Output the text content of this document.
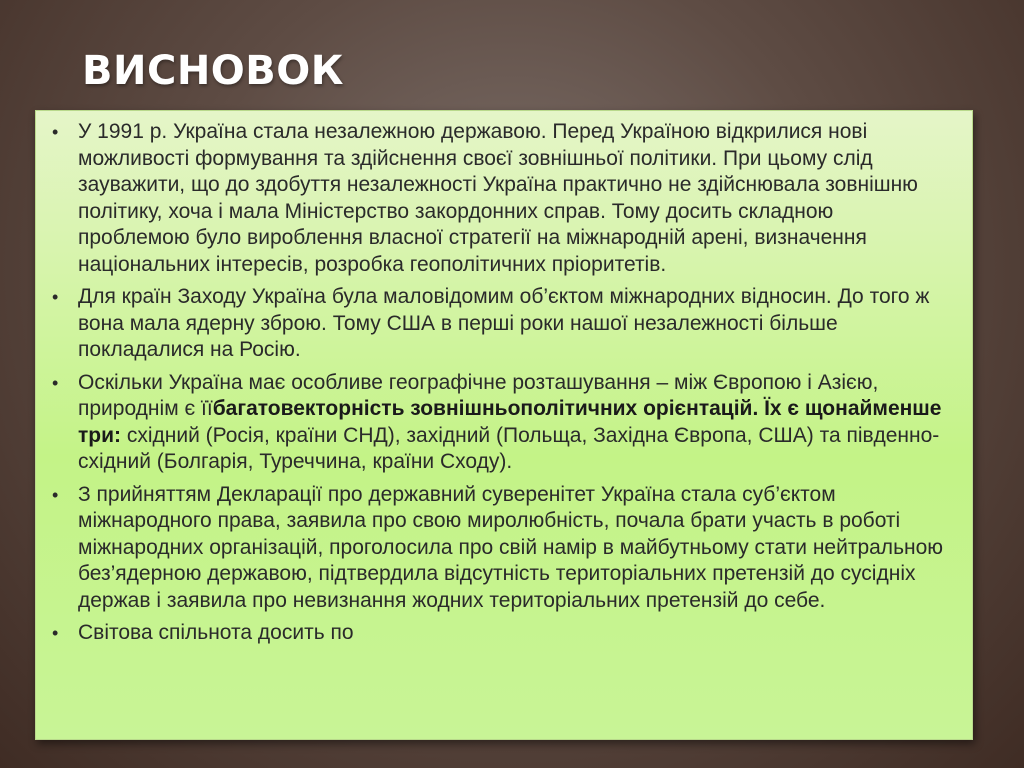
ВИСНОВОК
• У 1991 р. Україна стала незалежною державою. Перед Україною відкрилися нові можливості формування та здійснення своєї зовнішньої політики. При цьому слід зауважити, що до здобуття незалежності Україна практично не здійснювала зовнішню політику, хоча і мала Міністерство закордонних справ. Тому досить складною проблемою було вироблення власної стратегії на міжнародній арені, визначення національних інтересів, розробка геополітичних пріоритетів.
• Для країн Заходу Україна була маловідомим об’єктом міжнародних відносин. До того ж вона мала ядерну зброю. Тому США в перші роки нашої незалежності більше покладалися на Росію.
• Оскільки Україна має особливе географічне розташування – між Європою і Азією, природнім є їїбагатовекторність зовнішньополітичних орієнтацій. Їх є щонайменше три: східний (Росія, країни СНД), західний (Польща, Західна Європа, США) та південно-східний (Болгарія, Туреччина, країни Сходу).
• З прийняттям Декларації про державний суверенітет Україна стала суб’єктом міжнародного права, заявила про свою миролюбність, почала брати участь в роботі міжнародних організацій, проголосила про свій намір в майбутньому стати нейтральною без’ядерною державою, підтвердила відсутність територіальних претензій до сусідніх держав і заявила про невизнання жодних територіальних претензій до себе.
• Світова спільнота досить по
